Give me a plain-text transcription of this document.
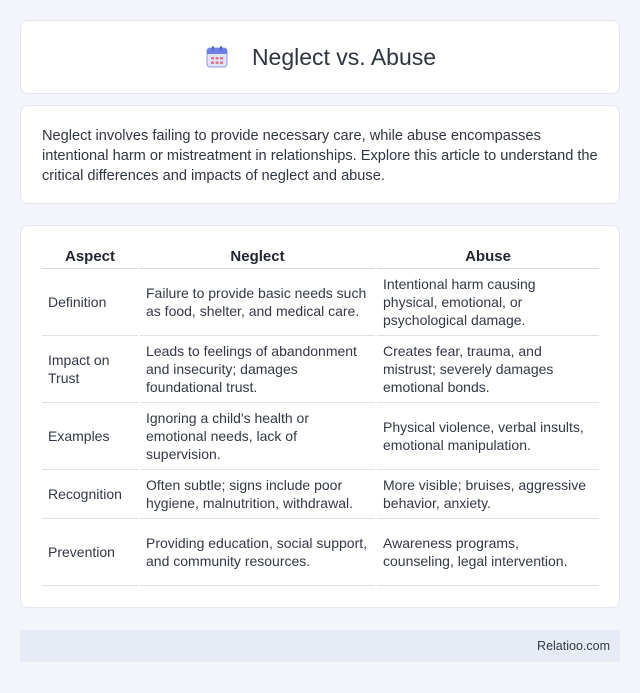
Neglect vs. Abuse

Neglect involves failing to provide necessary care, while abuse encompasses intentional harm or mistreatment in relationships. Explore this article to understand the critical differences and impacts of neglect and abuse.

Aspect	Neglect	Abuse
Definition	Failure to provide basic needs such as food, shelter, and medical care.	Intentional harm causing physical, emotional, or psychological damage.
Impact on Trust	Leads to feelings of abandonment and insecurity; damages foundational trust.	Creates fear, trauma, and mistrust; severely damages emotional bonds.
Examples	Ignoring a child's health or emotional needs, lack of supervision.	Physical violence, verbal insults, emotional manipulation.
Recognition	Often subtle; signs include poor hygiene, malnutrition, withdrawal.	More visible; bruises, aggressive behavior, anxiety.
Prevention	Providing education, social support, and community resources.	Awareness programs, counseling, legal intervention.
Relatioo.com
